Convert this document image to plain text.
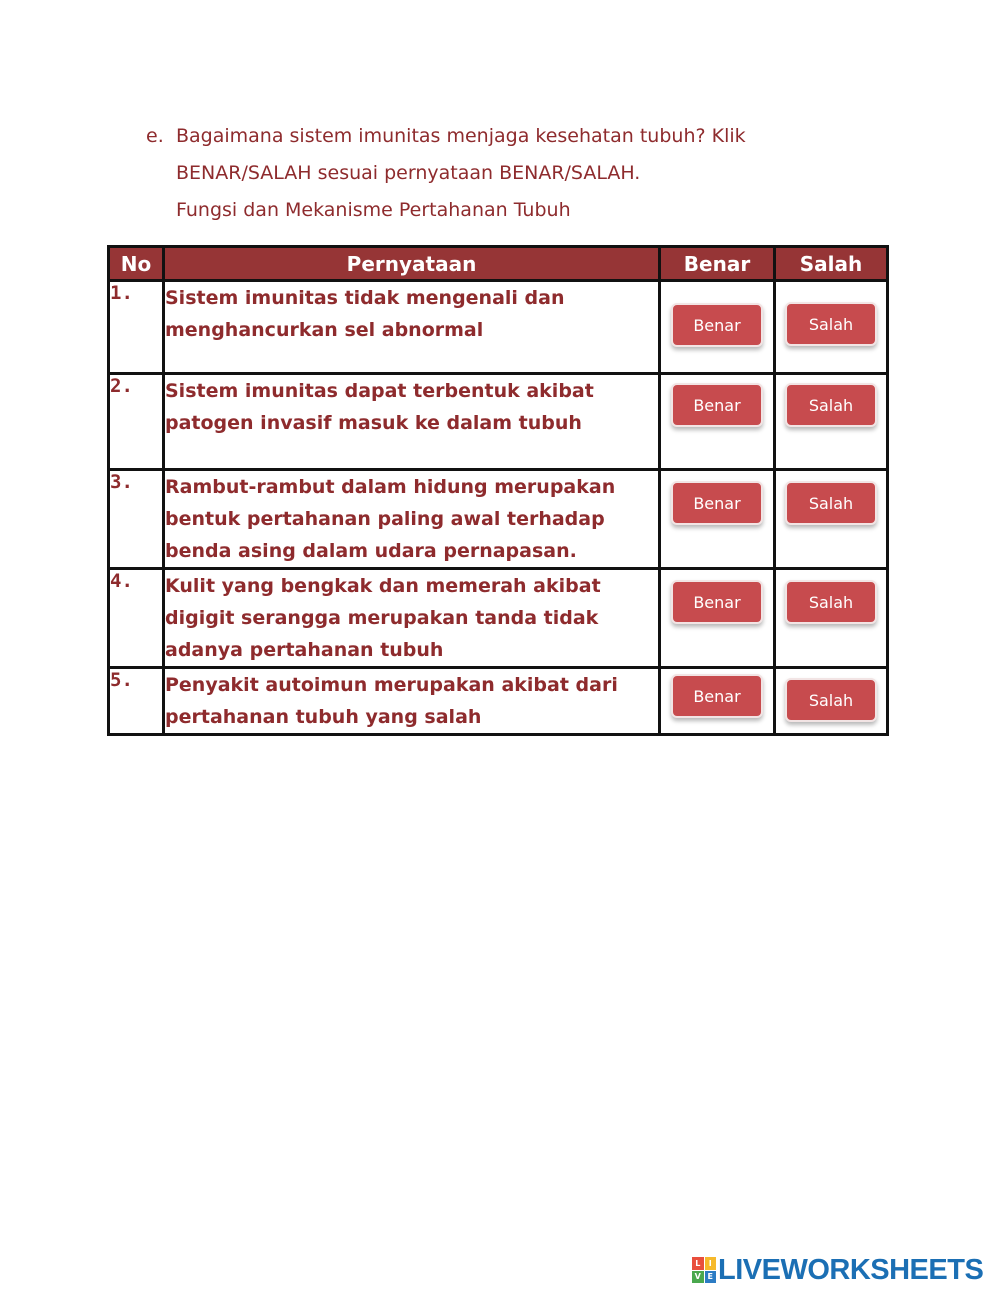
e. Bagaimana sistem imunitas menjaga kesehatan tubuh? Klik
BENAR/SALAH sesuai pernyataan BENAR/SALAH.
Fungsi dan Mekanisme Pertahanan Tubuh
No	Pernyataan	Benar	Salah
1.	Sistem imunitas tidak mengenali dan menghancurkan sel abnormal	Benar	Salah

2.	Sistem imunitas dapat terbentuk akibat patogen invasif masuk ke dalam tubuh	Benar	Salah

3.	Rambut-rambut dalam hidung merupakan bentuk pertahanan paling awal terhadap benda asing dalam udara pernapasan.	Benar	Salah

4.	Kulit yang bengkak dan memerah akibat digigit serangga merupakan tanda tidak adanya pertahanan tubuh	Benar	Salah

5.	Penyakit autoimun merupakan akibat dari pertahanan tubuh yang salah	Benar	Salah
L	I
V E LIVEWORKSHEETS
